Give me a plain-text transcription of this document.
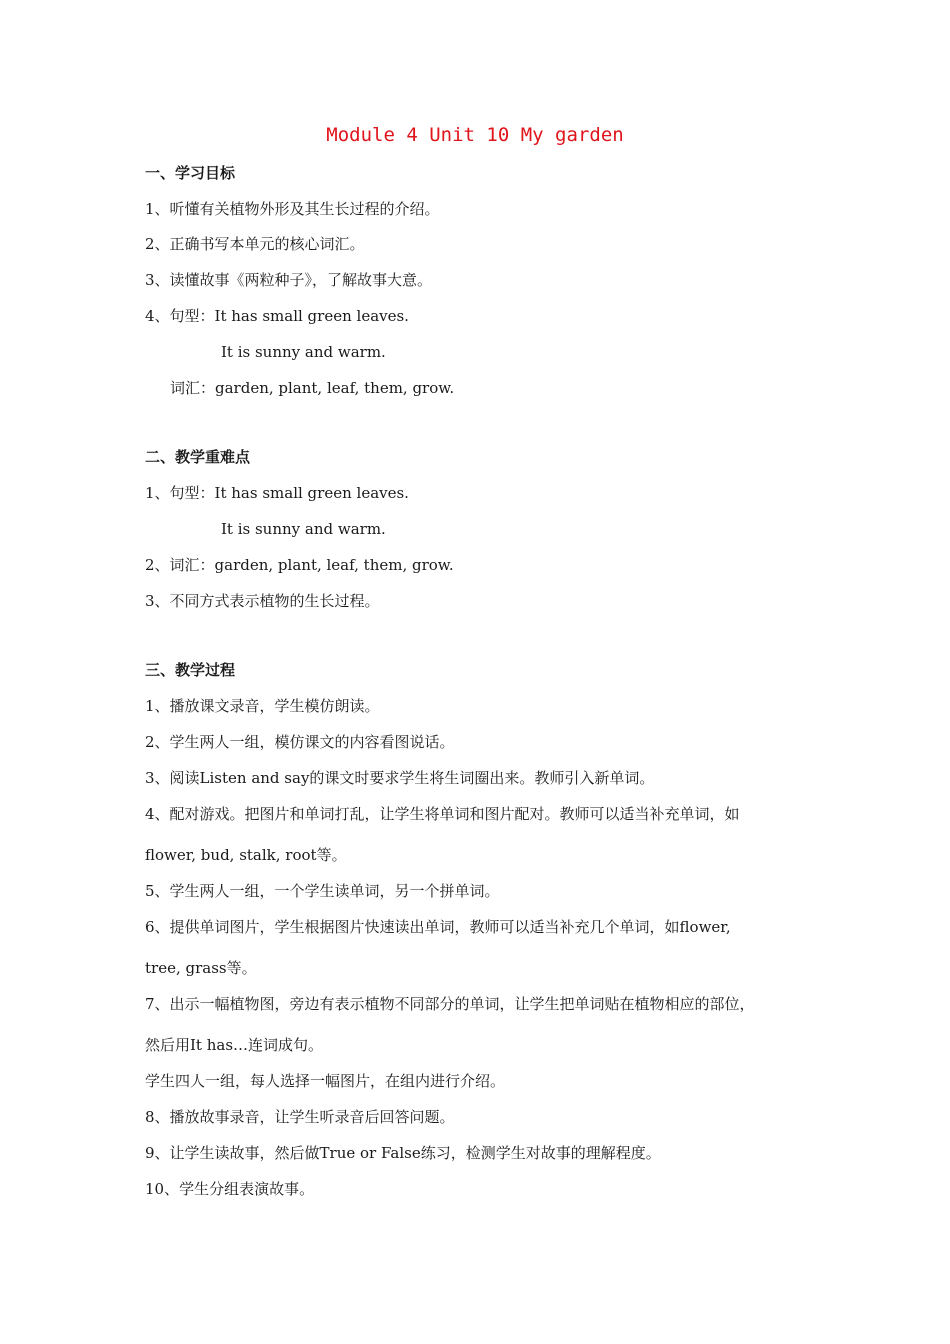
Module 4 Unit 10 My garden
一、学习目标
1、听懂有关植物外形及其生长过程的介绍。
2、正确书写本单元的核心词汇。
3、读懂故事《两粒种子》，了解故事大意。
4、句型：It has small green leaves.
It is sunny and warm.
词汇：garden, plant, leaf, them, grow.
二、教学重难点
1、句型：It has small green leaves.
It is sunny and warm.
2、词汇：garden, plant, leaf, them, grow.
3、不同方式表示植物的生长过程。
三、教学过程
1、播放课文录音，学生模仿朗读。
2、学生两人一组，模仿课文的内容看图说话。
3、阅读Listen and say的课文时要求学生将生词圈出来。教师引入新单词。
4、配对游戏。把图片和单词打乱，让学生将单词和图片配对。教师可以适当补充单词，如
flower, bud, stalk, root等。
5、学生两人一组，一个学生读单词，另一个拼单词。
6、提供单词图片，学生根据图片快速读出单词，教师可以适当补充几个单词，如flower,
tree, grass等。
7、出示一幅植物图，旁边有表示植物不同部分的单词，让学生把单词贴在植物相应的部位，
然后用It has…连词成句。
学生四人一组，每人选择一幅图片，在组内进行介绍。
8、播放故事录音，让学生听录音后回答问题。
9、让学生读故事，然后做True or False练习，检测学生对故事的理解程度。
10、学生分组表演故事。
